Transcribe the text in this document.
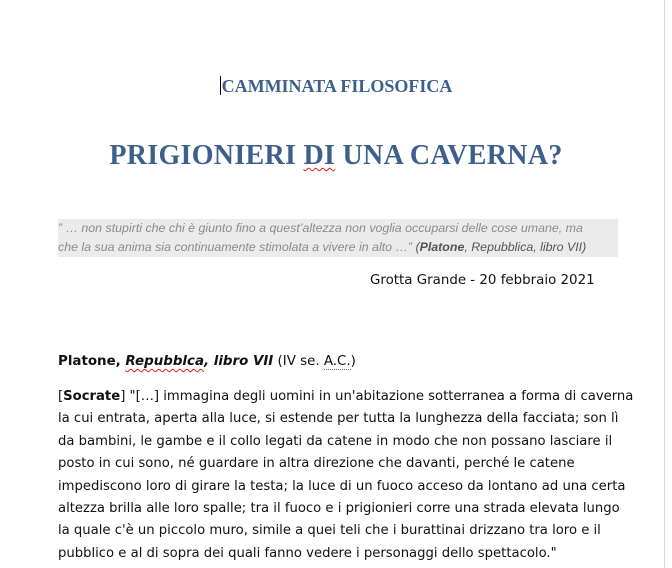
CAMMINATA FILOSOFICA
PRIGIONIERI DI UNA CAVERNA?
” … non stupirti che chi è giunto fino a quest’altezza non voglia occuparsi delle cose umane, ma
che la sua anima sia continuamente stimolata a vivere in alto …” (Platone, Repubblica, libro VII)
Grotta Grande - 20 febbraio 2021
Platone, Repubblca, libro VII (IV se. A.C.)
[Socrate] "[…] immagina degli uomini in un'abitazione sotterranea a forma di caverna
la cui entrata, aperta alla luce, si estende per tutta la lunghezza della facciata; son lì
da bambini, le gambe e il collo legati da catene in modo che non possano lasciare il
posto in cui sono, né guardare in altra direzione che davanti, perché le catene
impediscono loro di girare la testa; la luce di un fuoco acceso da lontano ad una certa
altezza brilla alle loro spalle; tra il fuoco e i prigionieri corre una strada elevata lungo
la quale c'è un piccolo muro, simile a quei teli che i burattinai drizzano tra loro e il
pubblico e al di sopra dei quali fanno vedere i personaggi dello spettacolo."
